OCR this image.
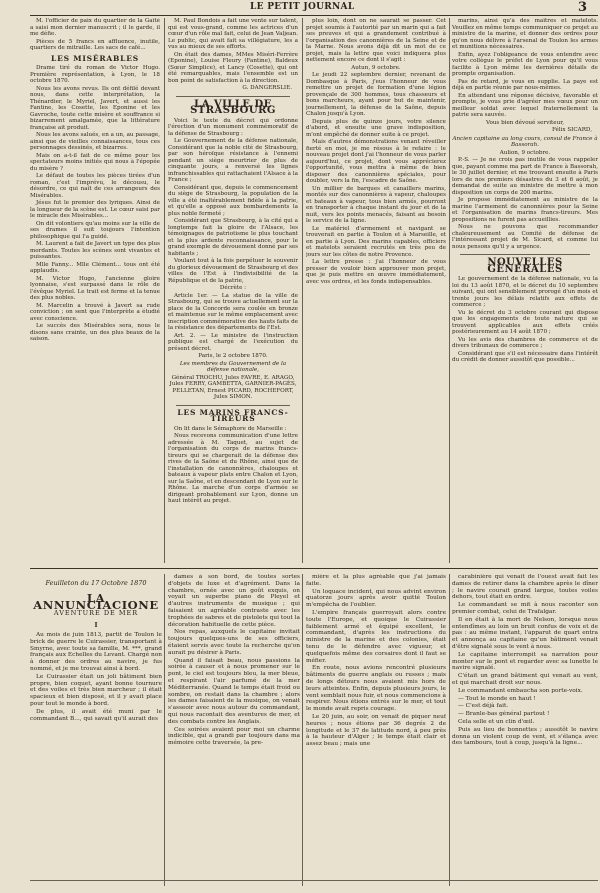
LE PETIT JOURNAL	3

M. l'officier de paix du quartier de la Gaîté a saisi mon dernier manuscrit ; il le garde, il me défie.

Pièces de 5 francs en affluence, inutile, quartiers de mitraille. Les sacs de café...

LES MISÉRABLES

Drame tiré du roman de Victor Hugo. Première représentation, à Lyon, le 18 octobre 1870.

Nous les avons revus. Ils ont défilé devant nous, dans cette interprétation, la Thénardier, le Myriel, Javert, et aussi les Fantine, les Cosette, les Eponine et les Gavroche, toute cette misère et souffrance si bizarrement amalgamée, que la littérature française ait produit.

Nous les avons salués, en a un, au passage, ainsi que de vieilles connaissances, tous ces personnages dessinés, et bizarres.

Mais on a-t-il fait de ce même pour les spectateurs moins initiés qui nous à l'épopée du misère ?

Le défaut de toutes les pièces tirées d'un roman, c'est l'imprévu, le décousu, le désordre, ce qui naît de ces arrangeurs des Misérables.

Jésus fut le premier des lyriques. Ainsi de la longueur de la scène est. Le cœur saisi par le miracle des Misérables...

On dit volontiers qu'au moins sur la ville de ses drames il suit toujours l'intention philosophique qui l'a guidé.

M. Laurent a fait de Javert un type des plus mordants. Toutes les scènes sont vivantes et puissantes.

Mlle Fanny... Mlle Clément... tous ont été applaudis.

M. Victor Hugo, l'ancienne gloire lyonnaise, s'est surpassé dans le rôle de l'évêque Myriel. Le trait est ferme et la tenue des plus nobles.

M. Marcelin a trouvé à Javert sa rude conviction ; on sent que l'interprète a étudié avec conscience.

Le succès des Misérables sera, nous le disons sans crainte, un des plus beaux de la saison.

M. Paul Bondois a fait une vente sur talent, qui est vous-grand, comme les actrices d'un cœur d'un rôle mal fait, celui de Jean Valjean. Le public, qui avait fait sa villégiature, les a vus au mieux de ses efforts.

On était des dames, MMes Miséri-Ferrère (Eponine), Louise Fleury (Fantine), Baldeux (Sœur Simplice), et Lancy (Cosette), qui ont été remarquables, mais l'ensemble est un bon point de satisfaction à la direction.

G. DANGERSLIE.
LA VILLE DE STRASBOURG

Voici le texte du décret qui ordonne l'érection d'un monument commémoratif de la défense de Strasbourg :

Le Gouvernement de la défense nationale, Considérant que la noble cité de Strasbourg, par son héroïque résistance à l'ennemi pendant un siège meurtrier de plus de cinquante jours, a renversé les lignes infranchissables qui rattachaient l'Alsace à la France ;

Considérant que, depuis le commencement du siège de Strasbourg, la population de la ville a été inaltérablement fidèle à la patrie, et qu'elle a opposé aux bombardements la plus noble fermeté ;

Considérant que Strasbourg, à la cité qui a longtemps fait la gloire de l'Alsace, les témoignages de patriotisme le plus touchant et la plus ardente reconnaissance, pour le grand exemple de dévouement donné par ses habitants ;

Voulant tout à la fois perpétuer le souvenir du glorieux dévouement de Strasbourg et des villes de l'Est à l'indivisibilité de la République et de la patrie,

Décrète :

Article 1er. — La statue de la ville de Strasbourg, qui se trouve actuellement sur la place de la Concorde sera coulée en bronze et maintenue sur le même emplacement avec inscription commémorative des hauts faits de la résistance des départements de l'Est.

Art. 2. — Le ministre de l'instruction publique est chargé de l'exécution du présent décret.

Paris, le 2 octobre 1870.

Les membres du Gouvernement de la défense nationale,

Général TROCHU, Jules FAVRE, E. ARAGO, Jules FERRY, GAMBETTA, GARNIER-PAGÈS, PELLETAN, Ernest PICARD, ROCHEFORT, Jules SIMON.

LES MARINS FRANCS-TIREURS

On lit dans le Sémaphore de Marseille :

Nous recevons communication d'une lettre adressée à M. Taquet, au sujet de l'organisation du corps de marins francs-tireurs qui se chargerait de la défense des rives de la Saône et du Rhône, ainsi que de l'installation de canonnières, chaloupes et bateaux à vapeur plats entre Chalon et Lyon, sur la Saône, et en descendant de Lyon sur le Rhône. La marche d'un corps d'armée se dirigeant probablement sur Lyon, donne un haut intérêt au projet.

plus loin, dont on ne saurait se passer. Cet projet soumis à l'autorité par un marin qui a fait ses preuves et qui a grandement contribué à l'organisation des canonnières de la Seine et de la Marne. Nous avons déjà dit un mot de ce projet, mais la lettre que voici indiquera plus nettement encore ce dont il s'agit :

Autun, 9 octobre.

Le jeudi 22 septembre dernier, revenant de Dombasque à Paris, j'eus l'honneur de vous remettre un projet de formation d'une légion provençale de 300 hommes, tous chasseurs et bons marcheurs, ayant pour but de maintenir, journellement, la défense de la Saône, depuis Chalon jusqu'à Lyon.

Depuis plus de quinze jours, votre silence d'abord, et ensuite une grave indisposition, m'ont empêché de donner suite à ce projet.

Mais d'autres démonstrations venant réveiller fierté en moi, je me résous à le refaire : le nouveau projet dont j'ai l'honneur de vous parler aujourd'hui, ce projet, dont vous apprécierez l'opportunité, vous mettra à même de bien disposer des canonnières spéciales, pour doubler, vers la fin, l'escadre de Saône.

Un millier de barques et canaillers marins, montés sur des canonnières à vapeur, chaloupes et bateaux à vapeur, tous bien armés, pourront en transporter à chaque instant du jour et de la nuit, vers les points menacés, faisant au besoin le service de la ligne.

Le matériel d'armement et navigant se trouverait en partie à Toulon et à Marseille, et en partie à Lyon. Des marins capables, officiers et matelots seraient recrutés en très peu de jours sur les côtes de notre Provence.

La lettre presse : j'ai l'honneur de vous presser de vouloir bien approuver mon projet, que je puis mettre en œuvre immédiatement, avec vos ordres, et les fonds indispensables.

marins, ainsi qu'à des maîtres et matelots. Veuillez en même temps communiquer ce projet au ministre de la marine, et donner des ordres pour qu'on nous délivre à l'arsenal de Toulon les armes et munitions nécessaires.

Enfin, ayez l'obligeance de vous entendre avec votre collègue le préfet de Lyon pour qu'il vous facilite à Lyon même les dernières détails de prompte organisation.

Pas de retard, je vous en supplie. La paye est déjà en partie réunie par nous-mêmes.

En attendant une réponse décisive, favorable et prompte, je vous prie d'agréer mes vœux pour un meilleur soldat avec lequel fraternellement la patrie sera sauvée.

Vous bien dévoué serviteur,

Félix SICARD,

Ancien capitaine au long cours, consul de France à Bassorah.

Aulion, 9 octobre.

P.-S. — Je ne crois pas inutile de vous rappeler que, payant comme ma part de France à Bassorah, le 30 juillet dernier, et me trouvant ensuite à Paris lors de nos premiers désastres du 3 et 6 août, je demandai de suite au ministre de mettre à mon disposition un corps de 200 marins.

Je propose immédiatement au ministre de la marine l'armement de canonnières pour la Seine et l'organisation de marins francs-tireurs. Mes propositions ne furent pas accueillies.

Nous ne pouvons que recommander chaleureusement au Comité de défense de l'intéressant projet de M. Sicard, et comme lui nous pensons qu'il y a urgence.

NOUVELLES GÉNÉRALES

Le gouvernement de la défense nationale, vu la loi du 13 août 1870, et le décret du 10 septembre suivant, qui ont sensiblement prorogé d'un mois et trente jours les délais relatifs aux effets de commerce ;

Vu le décret du 3 octobre courant qui dispose que les engagements de toute nature qui se trouvent applicables aux effets créés postérieurement au 14 août 1870 ;

Vu les avis des chambres de commerce et de divers tribunaux de commerce ;

Considérant que s'il est nécessaire dans l'intérêt du crédit de donner aussitôt que possible...

Feuilleton du 17 Octobre 1870
LA ANNUNCIACIONE
AVENTURE DE MER
I

Au mois de juin 1813, partit de Toulon le brick de guerre le Cuirassier, transportant à Smyrne, avec toute sa famille, M. ***, grand français aux Echelles du Levant. Chargé non à donner des ordres au navire, je fus nommé, et je me trouvai ainsi à bord.

Le Cuirassier était un joli bâtiment bien propre, bien coquet, ayant bonne tournure et des voiles et très bien marcheur ; il était spacieux et bien disposé, et il y avait place pour tout le monde à bord.

De plus, il avait été muni par le commandant B..., qui savait qu'il aurait des

dames à son bord, de toutes sortes d'objets de luxe et d'agrément. Dans la chambre, ornée avec un goût exquis, on voyait un superbe piano de Pleyel et d'autres instruments de musique ; qui faisaient un agréable contraste avec les trophées de sabres et de pistolets qui tout la décoration habituelle de cette pièce.

Nos repas, auxquels le capitaine invitait toujours quelques-uns de ses officiers, étaient servis avec toute la recherche qu'on aurait pu désirer à Paris.

Quand il faisait beau, nous passions la soirée à causer et à nous promener sur le pont, le ciel est toujours bleu, la mer bleue, et respirant l'air parfumé de la mer Méditerranée. Quand le temps était froid ou sombre, on restait dans la chambre ; alors les dames faisaient de la musique, on venait s'asseoir avec nous autour du commandant, qui nous racontait des aventures de mer, et des combats contre les Anglais.

Ces soirées avaient pour moi un charme indicible, qui a grandi par toujours dans ma mémoire cette traversée, la pre-

mière et la plus agréable que j'ai jamais faite.

Un loquace incident, qui nous advint environ quatorze jours après avoir quitté Toulon m'empêcha de l'oublier.

L'empire français guerroyait alors contre toute l'Europe, et quoique le Cuirassier faiblement armé et équipé excellent, le commandant, d'après les instructions du ministre de la marine et des colonies, était tenu de le défendre avec vigueur, et quelquefois même des corsaires dont il faut se méfier.

En route, nous avions rencontré plusieurs bâtiments de guerre anglais ou russes ; mais de longs détours nous avaient mis hors de leurs atteintes. Enfin, depuis plusieurs jours, le vent semblait nous fuir, et nous commencions à respirer. Nous étions entrés sur le mer, et tout le monde avait repris courage.

Le 20 juin, au soir, on venait de piquer neuf heures ; nous étions par 36 degrés 2 de longitude et le 37 de latitude nord, à peu près à la hauteur d'Alger ; le temps était clair et assez beau ; mais une

carabinière qui venait de l'ouest avait fait les dames de retirer dans la chambre après le dîner ; le navire courait grand largue, toutes voiles dehors, tout était en ordre.

Le commandant se mit à nous raconter son premier combat, celui de Trafalgar.

Il en était à la mort de Nelson, lorsque nous entendîmes au loin un bruit confus de voix et de pas : au même instant, l'apparut de quart entra et annonça au capitaine qu'un bâtiment venait d'être signalé sous le vent à nous.

Le capitaine interrompit sa narration pour monter sur le pont et regarder avec sa lunette le navire signalé.

C'était un grand bâtiment qui venait au vent, et qui marchait droit sur nous.

Le commandant embaucha son porte-voix.

— Tout le monde en haut !

— C'est déjà fait.

— Branle-bas général partout !

Cela selle et un clin d'œil.

Puis au lieu de bonnettes ; aussitôt le navire donna un violent coup de vent, et s'élança avec des tambours, tout à coup, jusqu'à la ligne...
